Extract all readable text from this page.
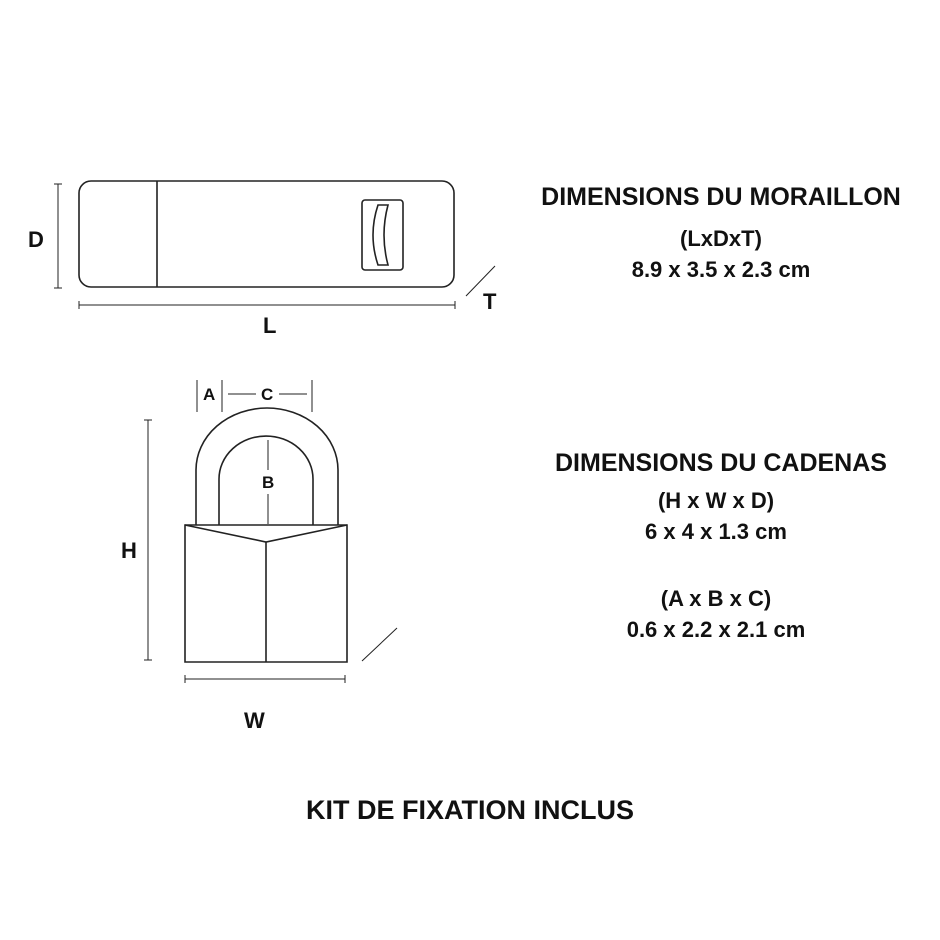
D
L
T
A	C
B
H
W
DIMENSIONS DU MORAILLON
(LxDxT)
8.9 x 3.5 x 2.3 cm
DIMENSIONS DU CADENAS
(H x W x D)
6 x 4 x 1.3 cm
(A x B x C)
0.6 x 2.2 x 2.1 cm
KIT DE FIXATION INCLUS
